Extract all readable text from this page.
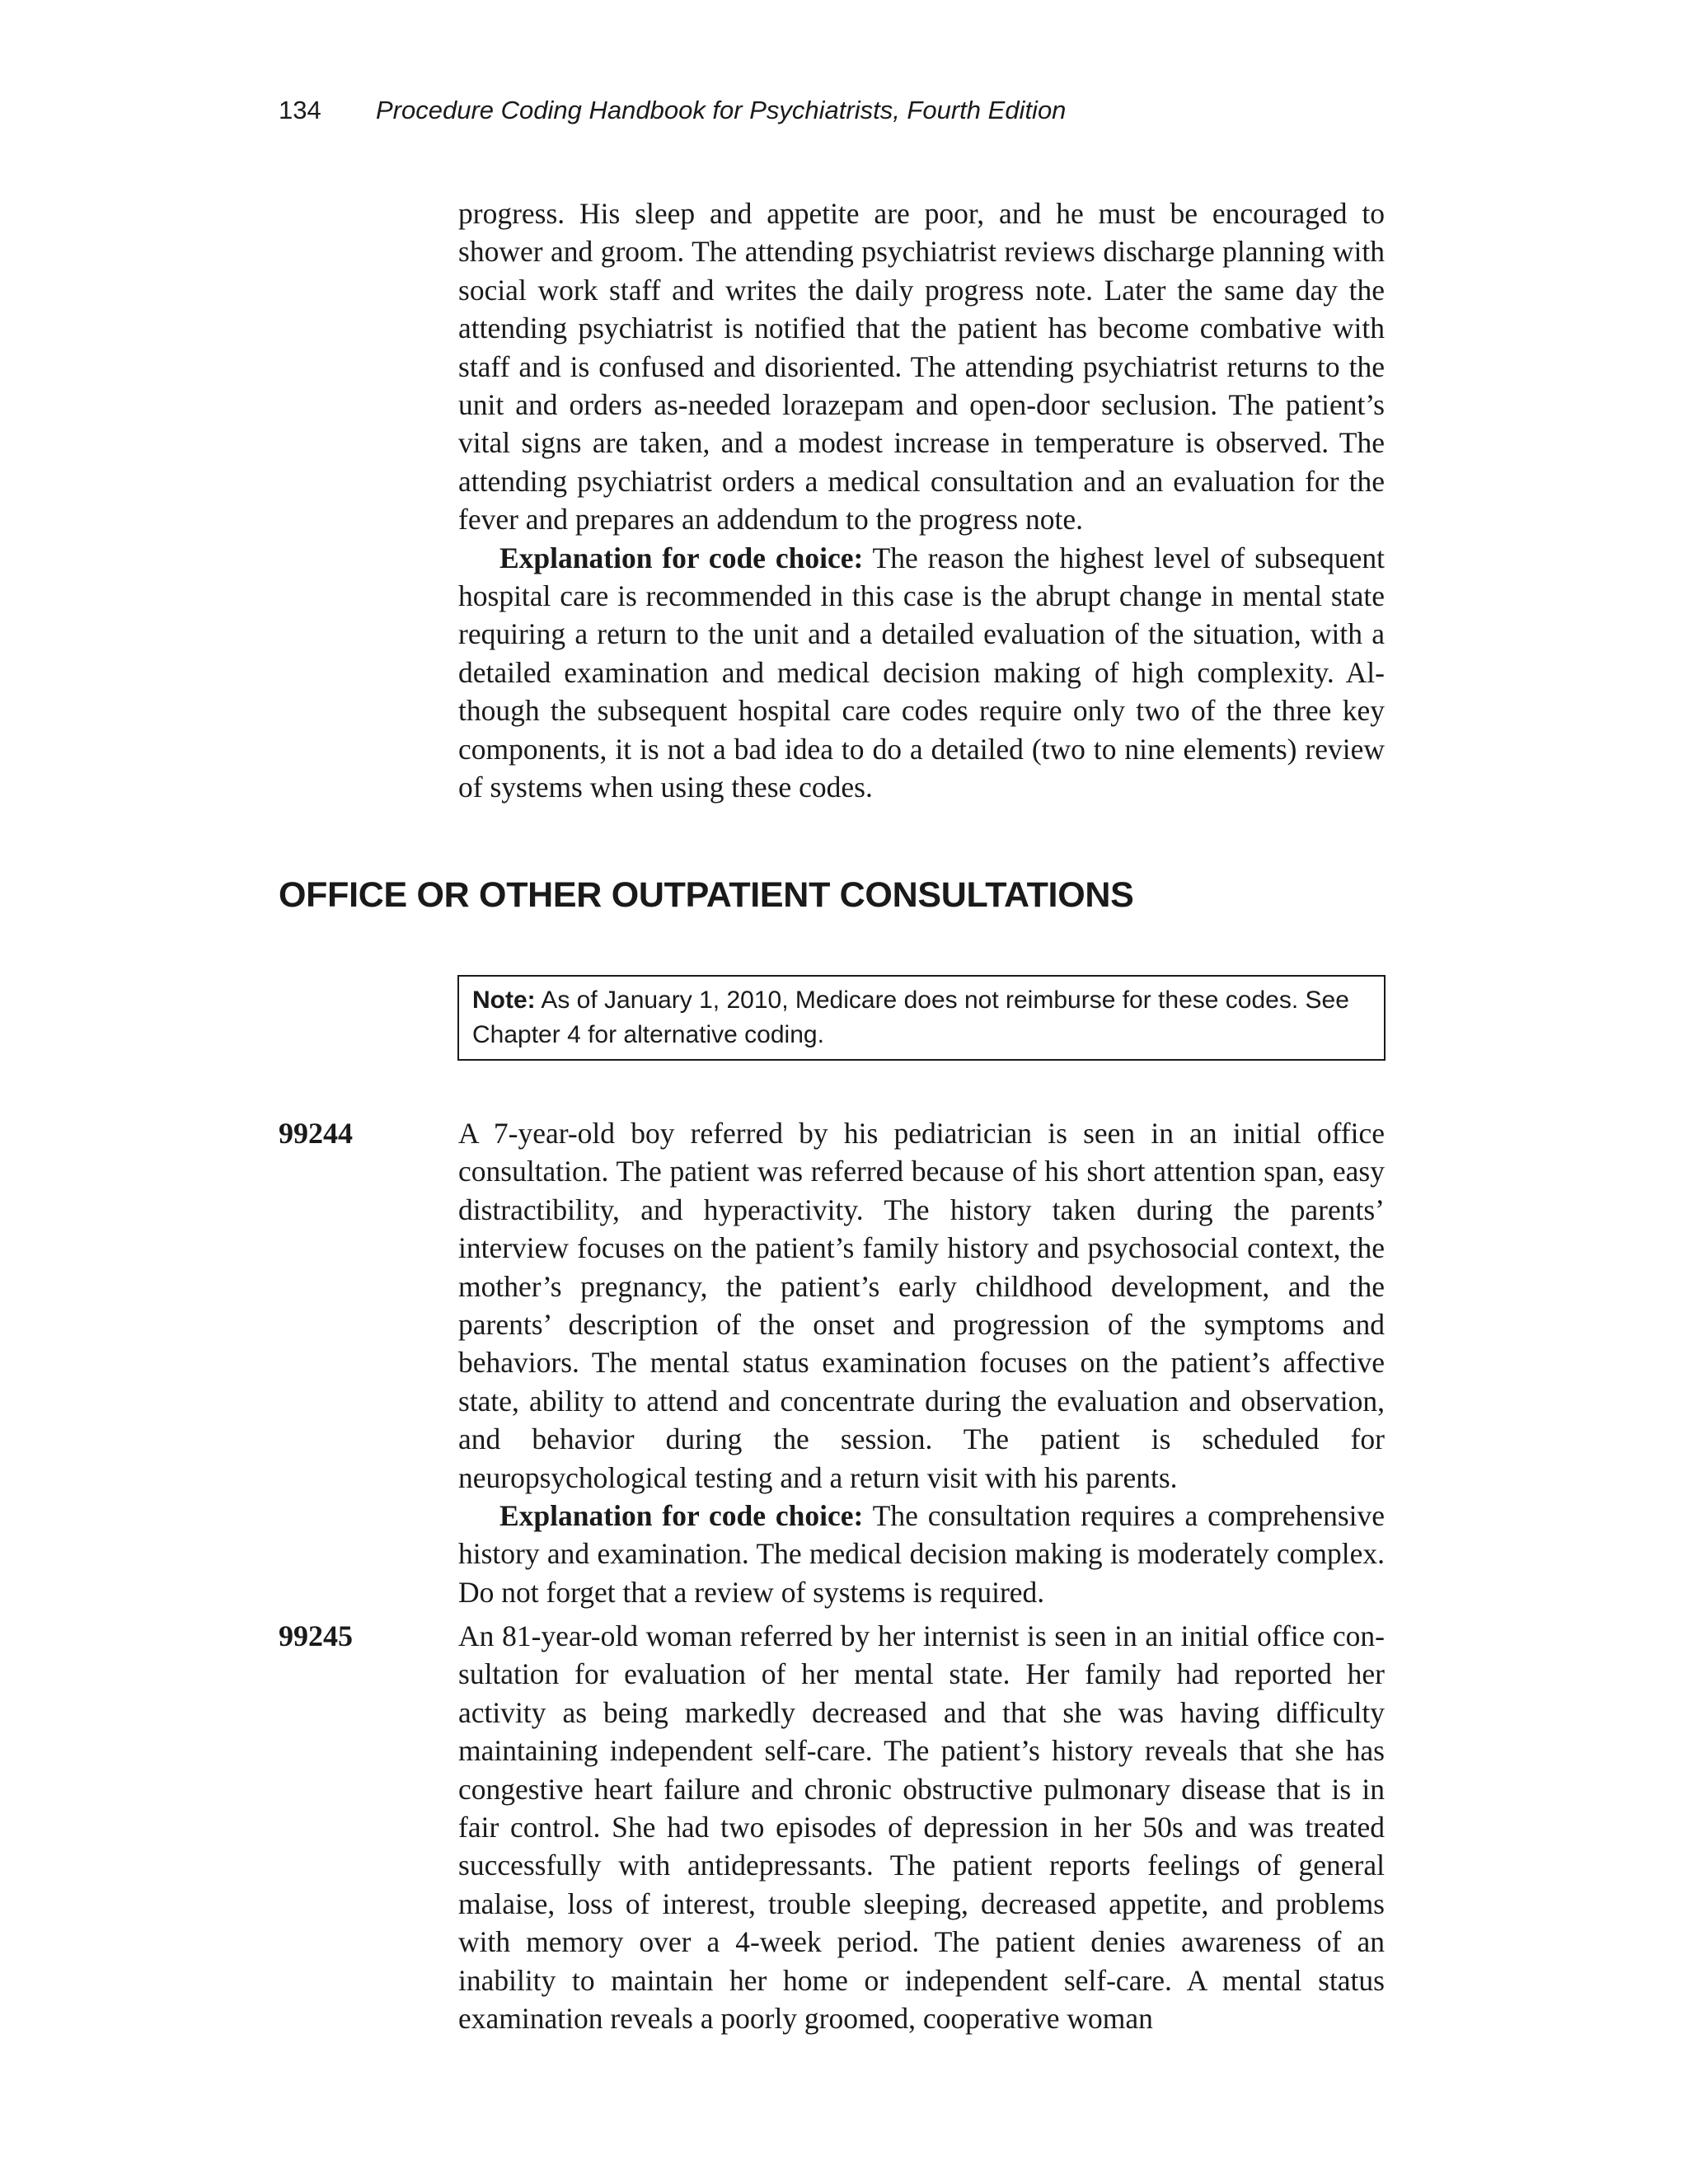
134 Procedure Coding Handbook for Psychiatrists, Fourth Edition

progress. His sleep and appetite are poor, and he must be encouraged to shower and groom. The attending psychiatrist reviews discharge planning with social work staff and writes the daily progress note. Later the same day the attending psychiatrist is notified that the patient has become combative with staff and is confused and disoriented. The attending psychiatrist returns to the unit and orders as-needed lorazepam and open-door seclusion. The patient’s vital signs are taken, and a modest increase in temperature is observed. The attending psychiatrist orders a medical consultation and an evaluation for the fever and prepares an addendum to the progress note.

Explanation for code choice: The reason the highest level of subsequent hospital care is recommended in this case is the abrupt change in mental state requiring a return to the unit and a detailed evaluation of the situation, with a detailed examination and medical decision making of high complexity. Although the subsequent hospital care codes require only two of the three key components, it is not a bad idea to do a detailed (two to nine elements) review of systems when using these codes.

OFFICE OR OTHER OUTPATIENT CONSULTATIONS
Note: As of January 1, 2010, Medicare does not reimburse for these codes. See Chapter 4 for alternative coding.
99244	A 7-year-old boy referred by his pediatrician is seen in an initial office consultation. The patient was referred because of his short attention span, easy distractibility, and hyperactivity. The history taken during the parents’ interview focuses on the patient’s family history and psychosocial context, the mother’s pregnancy, the patient’s early childhood development, and the parents’ description of the onset and progression of the symptoms and behaviors. The mental status examination focuses on the patient’s affective state, ability to attend and concentrate during the evaluation and observation, and behavior during the session. The patient is scheduled for neuropsychological testing and a return visit with his parents.

Explanation for code choice: The consultation requires a comprehensive history and examination. The medical decision making is moderately complex. Do not forget that a review of systems is required.

99245	An 81-year-old woman referred by her internist is seen in an initial office consultation for evaluation of her mental state. Her family had reported her activity as being markedly decreased and that she was having difficulty maintaining independent self-care. The patient’s history reveals that she has congestive heart failure and chronic obstructive pulmonary disease that is in fair control. She had two episodes of depression in her 50s and was treated successfully with antidepressants. The patient reports feelings of general malaise, loss of interest, trouble sleeping, decreased appetite, and problems with memory over a 4-week period. The patient denies awareness of an inability to maintain her home or independent self-care. A mental status examination reveals a poorly groomed, cooperative woman
